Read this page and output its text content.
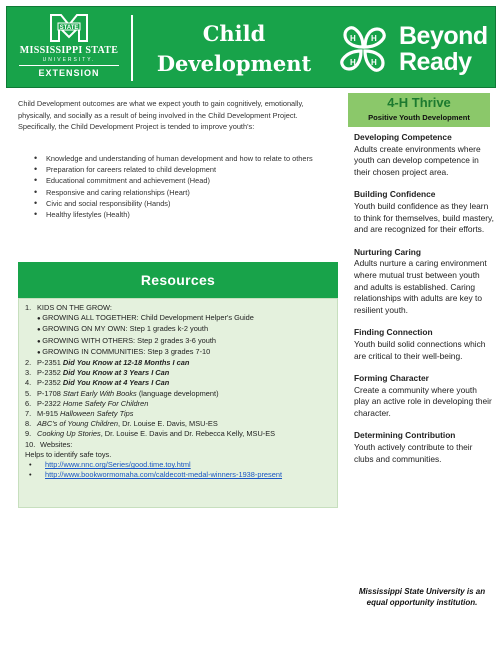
STATE
MISSISSIPPI STATE
UNIVERSITY.
EXTENSION
Child
Development
H H
H
H
Beyond
Ready
Child Development outcomes are what we expect youth to gain cognitively, emotionally, physically, and socially as a result of being involved in the Child Development Project. Specifically, the Child Development Project is tended to improve youth's:
• Knowledge and understanding of human development and how to relate to others
• Preparation for careers related to child development
• Educational commitment and achievement (Head)
• Responsive and caring relationships (Heart)
• Civic and social responsibility (Hands)
• Healthy lifestyles (Health)
Resources
1. KIDS ON THE GROW:
● GROWING ALL TOGETHER: Child Development Helper's Guide
● GROWING ON MY OWN: Step 1 grades k-2 youth
● GROWING WITH OTHERS: Step 2 grades 3-6 youth
● GROWING IN COMMUNITIES: Step 3 grades 7-10
2. P-2351 Did You Know at 12-18 Months I can
3. P-2352 Did You Know at 3 Years I Can
4. P-2352 Did You Know at 4 Years I Can
5. P-1708 Start Early With Books (language development)
6. P-2322 Home Safety For Children
7. M-915 Halloween Safety Tips
8. ABC's of Young Children, Dr. Louise E. Davis, MSU-ES
9. Cooking Up Stories, Dr. Louise E. Davis and Dr. Rebecca Kelly, MSU-ES
10. Websites:
Helps to identify safe toys.
• http://www.nnc.org/Series/good.time.toy.html
• http://www.bookwormomaha.com/caldecott-medal-winners-1938-present
4-H Thrive
Positive Youth Development
Developing Competence
Adults create environments where youth can develop competence in their chosen project area.
Building Confidence
Youth build confidence as they learn to think for themselves, build mastery, and are recognized for their efforts.
Nurturing Caring
Adults nurture a caring environment where mutual trust between youth and adults is established. Caring relationships with adults are key to resilient youth.
Finding Connection
Youth build solid connections which are critical to their well-being.
Forming Character
Create a community where youth play an active role in developing their character.
Determining Contribution
Youth actively contribute to their clubs and communities.
Mississippi State University is an equal opportunity institution.
